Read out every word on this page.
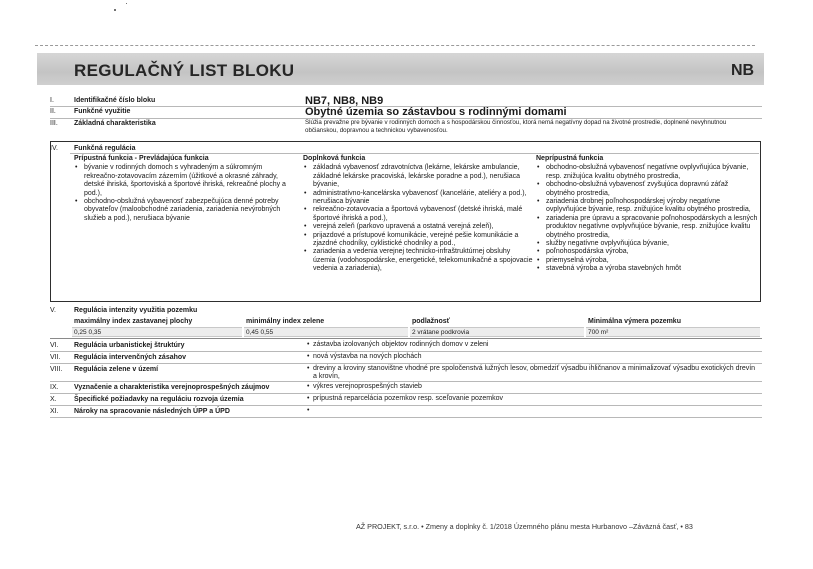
REGULAČNÝ LIST BLOKU	NB
I.	Identifikačné číslo bloku	NB7, NB8, NB9
II.	Funkčné využitie	Obytné územia so zástavbou s rodinnými domami
III.	Základná charakteristika	Slúžia prevažne pre bývanie v rodinných domoch a s hospodárskou činnosťou, ktorá nemá negatívny dopad na životné prostredie, doplnené nevyhnutnou občianskou, dopravnou a technickou vybavenosťou.
IV.	Funkčná regulácia
Prípustná funkcia - Prevládajúca funkcia
• bývanie v rodinných domoch s vyhradeným a súkromným rekreačno-zotavovacím zázemím (úžitkové a okrasné záhrady, detské ihriská, športoviská a športové ihriská, rekreačné plochy a pod.),
• obchodno-obslužná vybavenosť zabezpečujúca denné potreby obyvateľov (maloobchodné zariadenia, zariadenia nevýrobných služieb a pod.), nerušiaca bývanie
Doplnková funkcia
• základná vybavenosť zdravotníctva (lekárne, lekárske ambulancie, základné lekárske pracoviská, lekárske poradne a pod.), nerušiaca bývanie,
• administratívno-kancelárska vybavenosť (kancelárie, ateliéry a pod.), nerušiaca bývanie
• rekreačno-zotavovacia a športová vybavenosť (detské ihriská, malé športové ihriská a pod.),
• verejná zeleň (parkovo upravená a ostatná verejná zeleň),
• prijazdové a prístupové komunikácie, verejné pešie komunikácie a zjazdné chodníky, cyklistické chodníky a pod.,
• zariadenia a vedenia verejnej technicko-infraštruktúrnej obsluhy územia (vodohospodárske, energetické, telekomunikačné a spojovacie vedenia a zariadenia),
Neprípustná funkcia
• obchodno-obslužná vybavenosť negatívne ovplyvňujúca bývanie, resp. znižujúca kvalitu obytného prostredia,
• obchodno-obslužná vybavenosť zvyšujúca dopravnú záťaž obytného prostredia,
• zariadenia drobnej poľnohospodárskej výroby negatívne ovplyvňujúce bývanie, resp. znižujúce kvalitu obytného prostredia,
• zariadenia pre úpravu a spracovanie poľnohospodárskych a lesných produktov negatívne ovplyvňujúce bývanie, resp. znižujúce kvalitu obytného prostredia,
• služby negatívne ovplyvňujúca bývanie,
• poľnohospodárska výroba,
• priemyselná výroba,
• stavebná výroba a výroba stavebných hmôt
V.	Regulácia intenzity využitia pozemku
maximálny index zastavanej plochy	minimálny index zelene	podlažnosť	Minimálna výmera pozemku
0,25 0,35	0,45 0,55	2 vrátane podkrovia	700 m²
VI.	Regulácia urbanistickej štruktúry	• zástavba izolovaných objektov rodinných domov v zeleni
VII.	Regulácia intervenčných zásahov	• nová výstavba na nových plochách
VIII.	Regulácia zelene v území	• dreviny a kroviny stanovištne vhodné pre spoločenstvá lužných lesov, obmedziť výsadbu ihličnanov a minimalizovať výsadbu exotických drevín a krovín,
IX.	Vyznačenie a charakteristika verejnoprospešných záujmov	• výkres verejnoprospešných stavieb
X.	Špecifické požiadavky na reguláciu rozvoja územia	• prípustná reparcelácia pozemkov resp. sceľovanie pozemkov
XI.	Nároky na spracovanie následných ÚPP a ÚPD
AŽ PROJEKT, s.r.o. • Zmeny a doplnky č. 1/2018 Územného plánu mesta Hurbanovo –Záväzná časť, • 83
